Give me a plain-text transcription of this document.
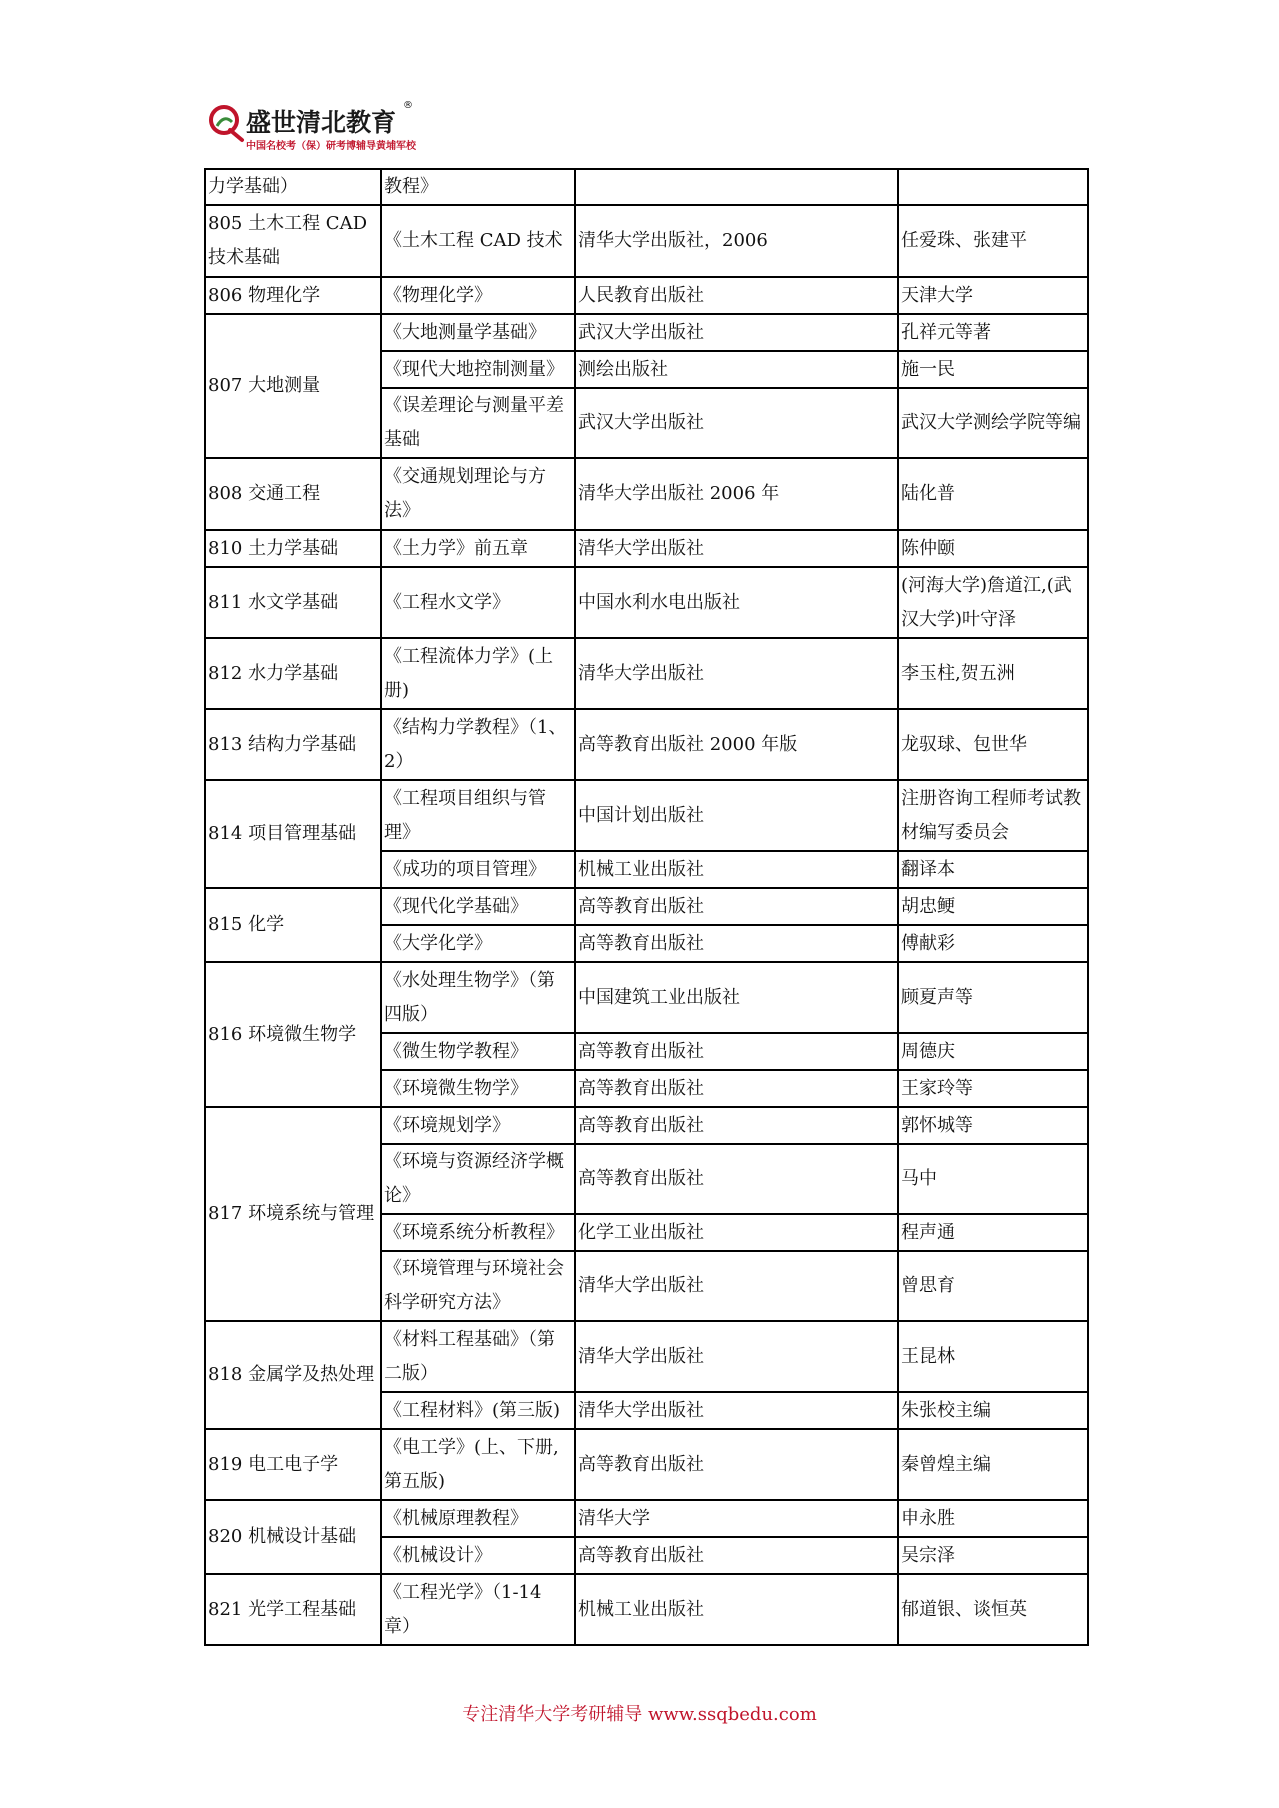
盛世清北教育
®
中国名校考（保）研考博辅导黄埔军校
力学基础）	教程》		
805 土木工程 CAD 技术基础	《土木工程 CAD 技术	清华大学出版社，2006	任爱珠、张建平
806 物理化学	《物理化学》	人民教育出版社	天津大学
807 大地测量	《大地测量学基础》	武汉大学出版社	孔祥元等著
	《现代大地控制测量》	测绘出版社	施一民
	《误差理论与测量平差基础	武汉大学出版社	武汉大学测绘学院等编
808 交通工程	《交通规划理论与方法》	清华大学出版社 2006 年	陆化普
810 土力学基础	《土力学》前五章	清华大学出版社	陈仲颐
811 水文学基础	《工程水文学》	中国水利水电出版社	(河海大学)詹道江,(武汉大学)叶守泽
812 水力学基础	《工程流体力学》(上册)	清华大学出版社	李玉柱,贺五洲
813 结构力学基础	《结构力学教程》（1、2）	高等教育出版社 2000 年版	龙驭球、包世华
814 项目管理基础	《工程项目组织与管理》	中国计划出版社	注册咨询工程师考试教材编写委员会
	《成功的项目管理》	机械工业出版社	翻译本
815 化学	《现代化学基础》	高等教育出版社	胡忠鲠
	《大学化学》	高等教育出版社	傅献彩
816 环境微生物学	《水处理生物学》（第四版）	中国建筑工业出版社	顾夏声等
	《微生物学教程》	高等教育出版社	周德庆
	《环境微生物学》	高等教育出版社	王家玲等
817 环境系统与管理	《环境规划学》	高等教育出版社	郭怀城等
	《环境与资源经济学概论》	高等教育出版社	马中
	《环境系统分析教程》	化学工业出版社	程声通
	《环境管理与环境社会科学研究方法》	清华大学出版社	曾思育
818 金属学及热处理	《材料工程基础》（第二版）	清华大学出版社	王昆林
	《工程材料》(第三版)	清华大学出版社	朱张校主编
819 电工电子学	《电工学》(上、下册,第五版)	高等教育出版社	秦曾煌主编
820 机械设计基础	《机械原理教程》	清华大学	申永胜
	《机械设计》	高等教育出版社	吴宗泽
821 光学工程基础	《工程光学》（1-14 章）	机械工业出版社	郁道银、谈恒英
专注清华大学考研辅导 www.ssqbedu.com
